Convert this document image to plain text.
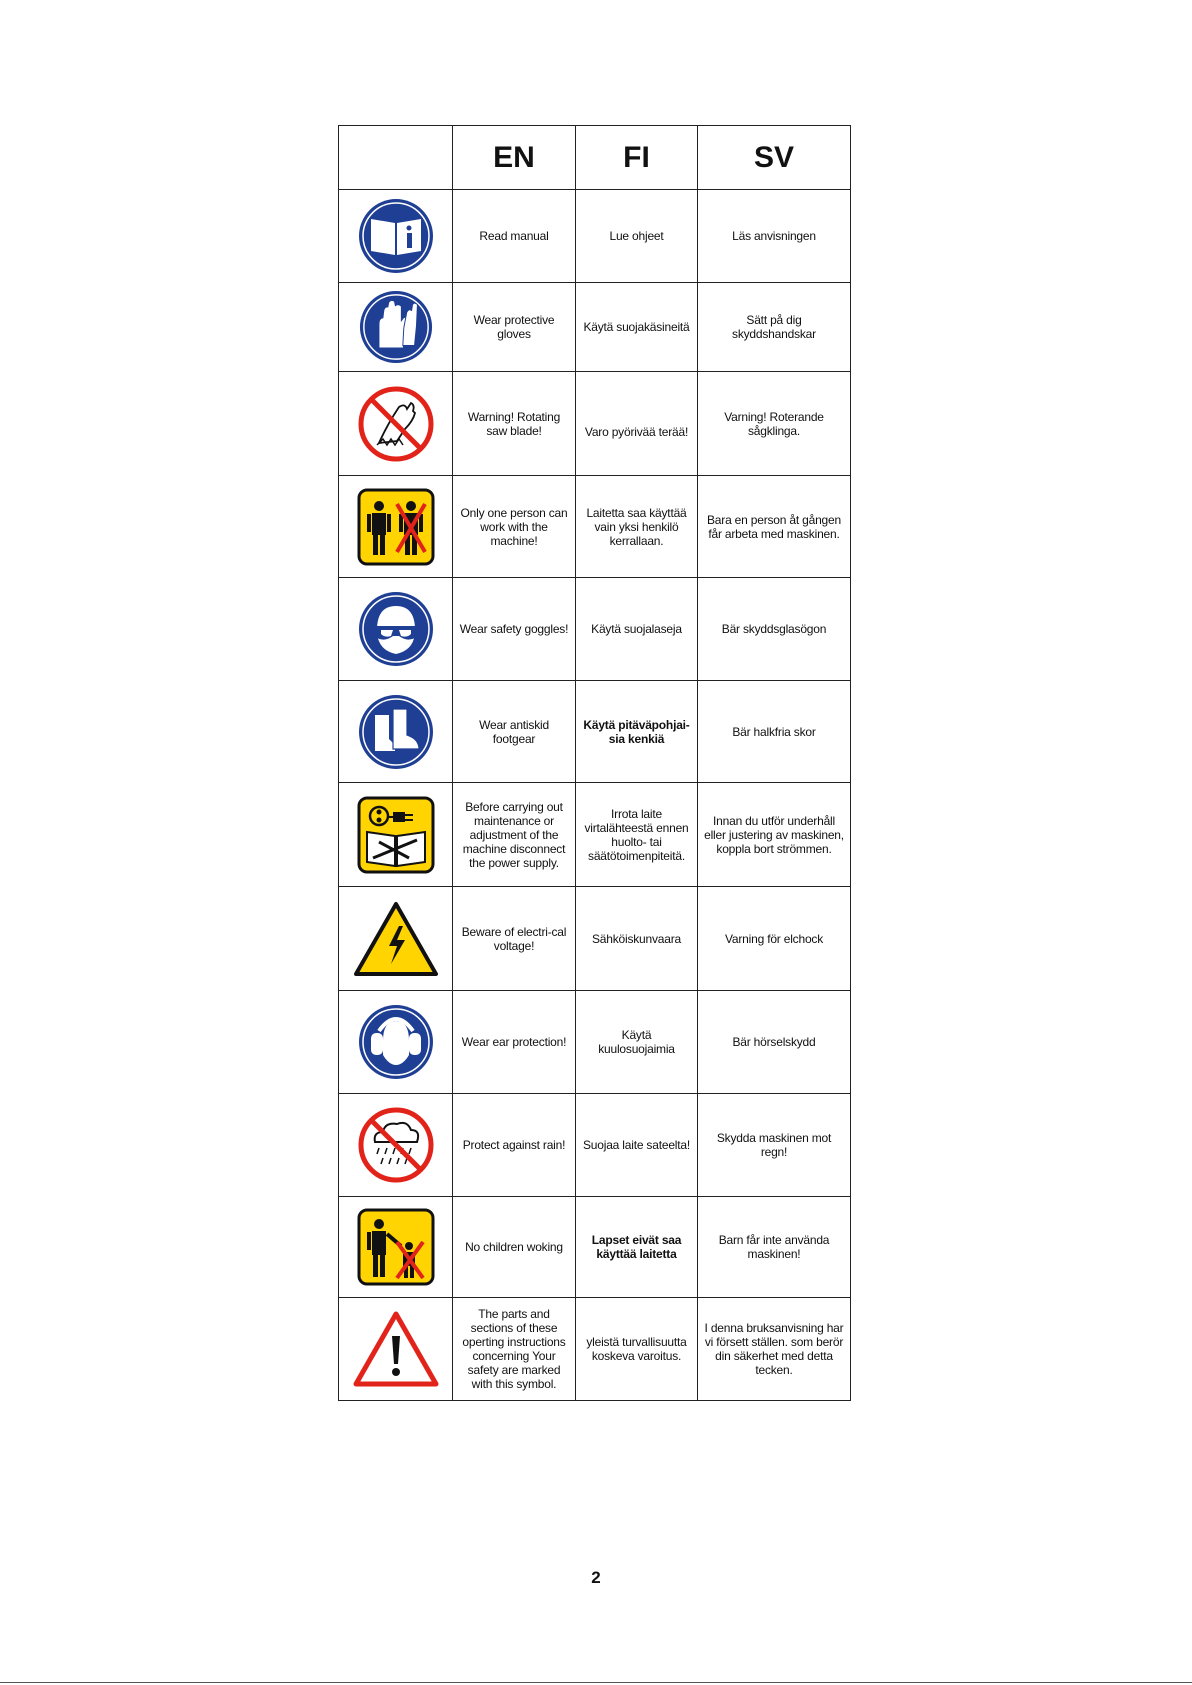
	EN	FI	SV

	Read manual	Lue ohjeet	Läs anvisningen

	Wear protective gloves	Käytä suojakäsineitä	Sätt på dig skyddshandskar

	Warning! Rotating saw blade!	Varo pyörivää terää!	Varning! Roterande sågklinga.

	Only one person can work with the machine!	Laitetta saa käyttää vain yksi henkilö kerrallaan.	Bara en person åt gången får arbeta med maskinen.

	Wear safety goggles!	Käytä suojalaseja	Bär skyddsglasögon

	Wear antiskid footgear	Käytä pitäväpohjai-sia kenkiä	Bär halkfria skor

	Before carrying out maintenance or adjustment of the machine disconnect the power supply.	Irrota laite virtalähteestä ennen huolto- tai säätötoimenpiteitä.	Innan du utför underhåll eller justering av maskinen, koppla bort strömmen.

	Beware of electri-cal voltage!	Sähköiskunvaara	Varning för elchock

	Wear ear protection!	Käytä kuulosuojaimia	Bär hörselskydd

	Protect against rain!	Suojaa laite sateelta!	Skydda maskinen mot regn!

	No children woking	Lapset eivät saa käyttää laitetta	Barn får inte använda maskinen!

	The parts and sections of these operting instructions concerning Your safety are marked with this symbol.	yleistä turvallisuutta koskeva varoitus.	I denna bruksanvisning har vi försett ställen. som berör din säkerhet med detta tecken.
2
